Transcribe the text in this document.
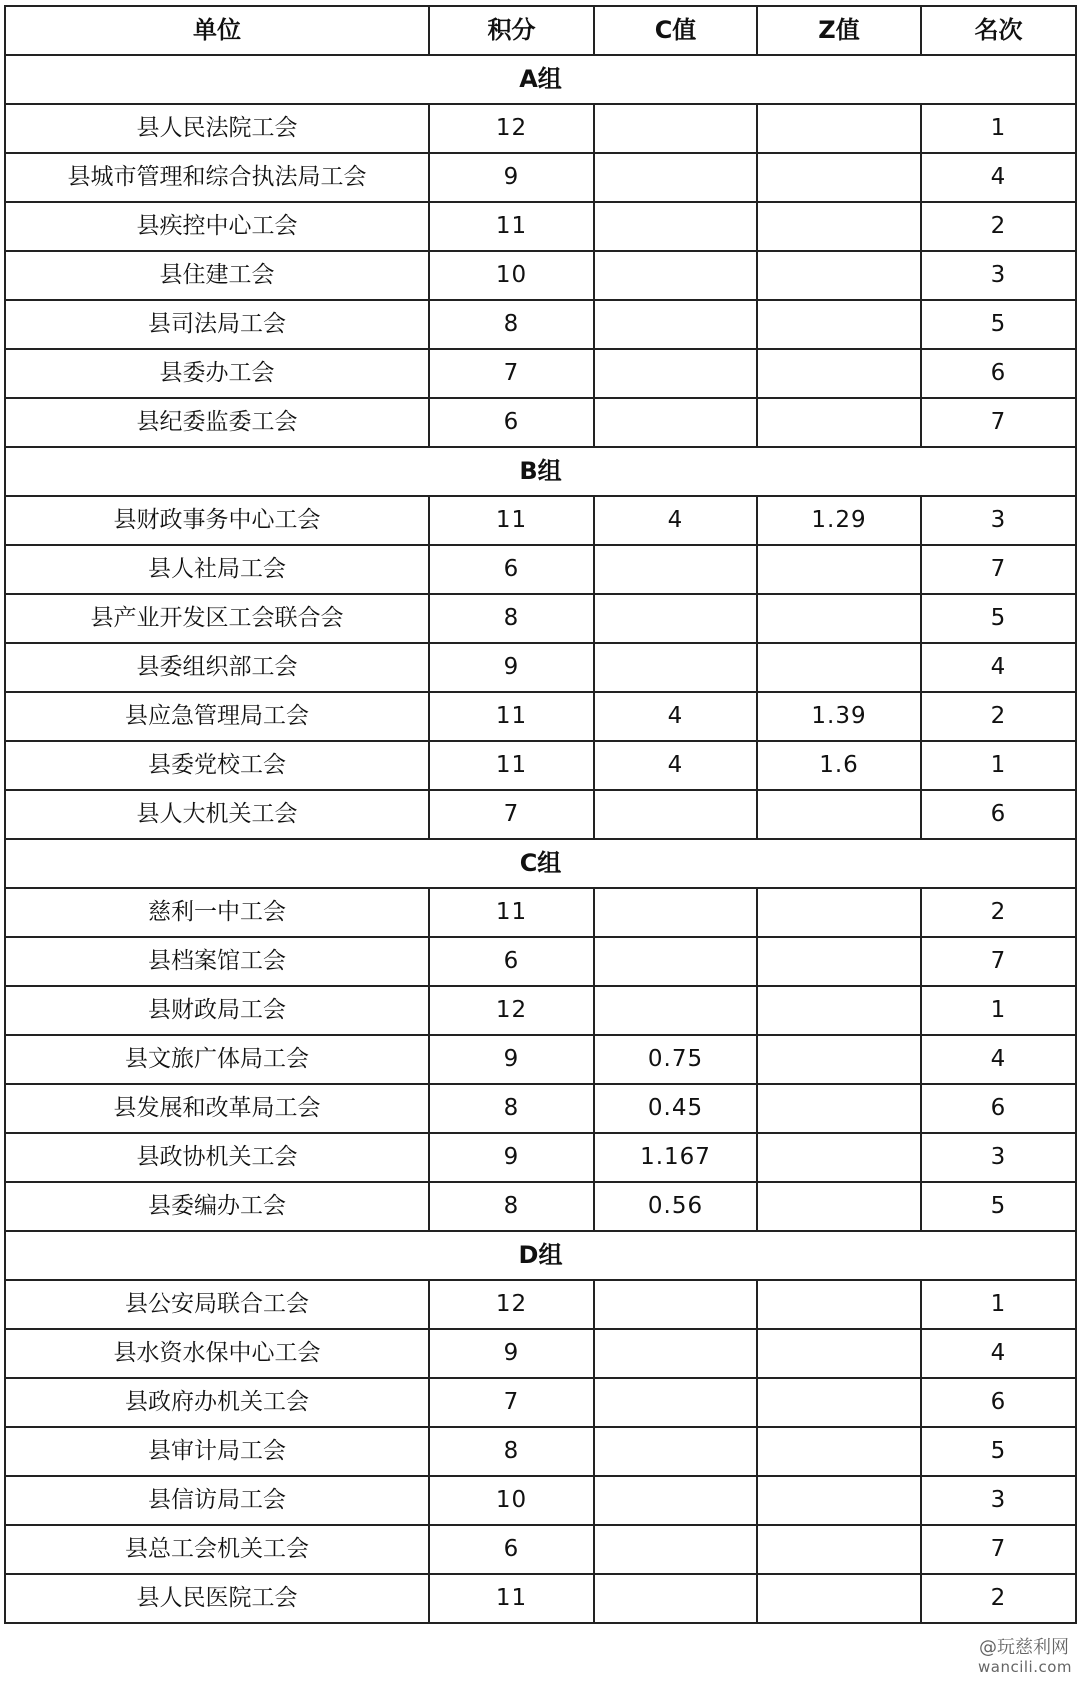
单位	积分	C值	Z值	名次
A组				
县人民法院工会	12			1
县城市管理和综合执法局工会	9			4
县疾控中心工会	11			2
县住建工会	10			3
县司法局工会	8			5
县委办工会	7			6
县纪委监委工会	6			7
B组				
县财政事务中心工会	11	4	1.29	3
县人社局工会	6			7
县产业开发区工会联合会	8			5
县委组织部工会	9			4
县应急管理局工会	11	4	1.39	2
县委党校工会	11	4	1.6	1
县人大机关工会	7			6
C组				
慈利一中工会	11			2
县档案馆工会	6			7
县财政局工会	12			1
县文旅广体局工会	9	0.75		4
县发展和改革局工会	8	0.45		6
县政协机关工会	9	1.167		3
县委编办工会	8	0.56		5
D组				
县公安局联合工会	12			1
县水资水保中心工会	9			4
县政府办机关工会	7			6
县审计局工会	8			5
县信访局工会	10			3
县总工会机关工会	6			7
县人民医院工会	11			2
@玩慈利网
wancili.com
